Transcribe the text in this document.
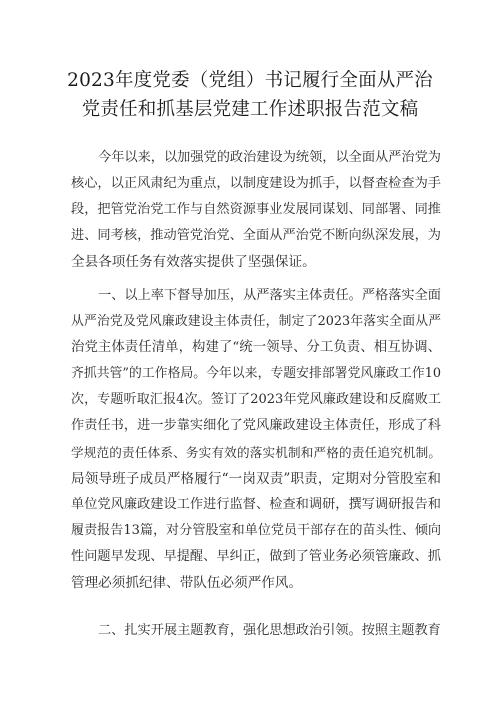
2023年度党委（党组）书记履行全面从严治
党责任和抓基层党建工作述职报告范文稿
今年以来，以加强党的政治建设为统领，以全面从严治党为
核心，以正风肃纪为重点，以制度建设为抓手，以督查检查为手
段，把管党治党工作与自然资源事业发展同谋划、同部署、同推
进、同考核，推动管党治党、全面从严治党不断向纵深发展，为
全县各项任务有效落实提供了坚强保证。
一、以上率下督导加压，从严落实主体责任。严格落实全面
从严治党及党风廉政建设主体责任，制定了2023年落实全面从严
治党主体责任清单，构建了“统一领导、分工负责、相互协调、
齐抓共管”的工作格局。今年以来，专题安排部署党风廉政工作10
次，专题听取汇报4次。签订了2023年党风廉政建设和反腐败工
作责任书，进一步靠实细化了党风廉政建设主体责任，形成了科
学规范的责任体系、务实有效的落实机制和严格的责任追究机制。
局领导班子成员严格履行“一岗双责”职责，定期对分管股室和
单位党风廉政建设工作进行监督、检查和调研，撰写调研报告和
履责报告13篇，对分管股室和单位党员干部存在的苗头性、倾向
性问题早发现、早提醒、早纠正，做到了管业务必须管廉政、抓
管理必须抓纪律、带队伍必须严作风。
二、扎实开展主题教育，强化思想政治引领。按照主题教育
